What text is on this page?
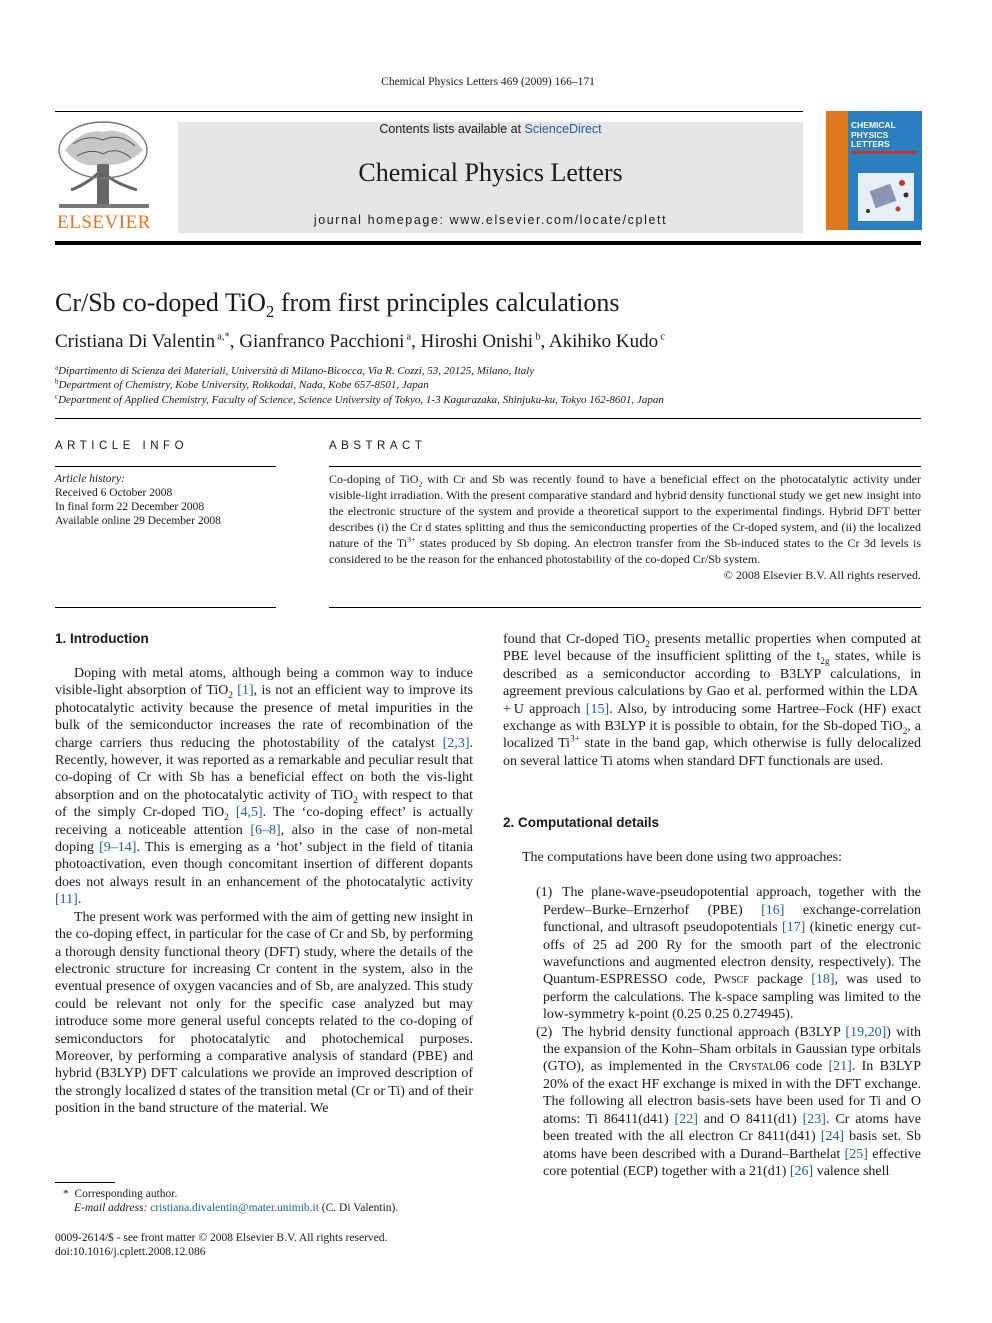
Chemical Physics Letters 469 (2009) 166–171
ELSEVIER
Contents lists available at ScienceDirect
Chemical Physics Letters
journal homepage: www.elsevier.com/locate/cplett
CHEMICAL
PHYSICS
LETTERS
Cr/Sb co-doped TiO$_2$ from first principles calculations
Cristiana Di Valentin  $^{a,*}$, Gianfranco Pacchioni  $^a$, Hiroshi Onishi  $^b$, Akihiko Kudo  $^c$
$^a$Dipartimento di Scienza dei Materiali, Università di Milano-Bicocca, Via R. Cozzi, 53, 20125, Milano, Italy
$^b$Department of Chemistry, Kobe University, Rokkodai, Nada, Kobe 657-8501, Japan
$^c$Department of Applied Chemistry, Faculty of Science, Science University of Tokyo, 1-3 Kagurazaka, Shinjuku-ku, Tokyo 162-8601, Japan
ARTICLE INFO
Article history:
Received 6 October 2008
In final form 22 December 2008
Available online 29 December 2008
ABSTRACT

Co-doping of TiO$_2$ with Cr and Sb was recently found to have a beneficial effect on the photocatalytic activity under visible-light irradiation. With the present comparative standard and hybrid density functional study we get new insight into the electronic structure of the system and provide a theoretical support to the experimental findings. Hybrid DFT better describes (i) the Cr d states splitting and thus the semiconducting properties of the Cr-doped system, and (ii) the localized nature of the $Ti^{3+}$ states produced by Sb doping. An electron transfer from the Sb-induced states to the Cr 3d levels is considered to be the reason for the enhanced photostability of the co-doped Cr/Sb system.

© 2008 Elsevier B.V. All rights reserved.

1. Introduction

Doping with metal atoms, although being a common way to induce visible-light absorption of TiO$_2$ [1], is not an efficient way to improve its photocatalytic activity because the presence of metal impurities in the bulk of the semiconductor increases the rate of recombination of the charge carriers thus reducing the photostability of the catalyst [2,3]. Recently, however, it was reported as a remarkable and peculiar result that co-doping of Cr with Sb has a beneficial effect on both the vis-light absorption and on the photocatalytic activity of TiO$_2$ with respect to that of the simply Cr-doped TiO$_2$ [4,5]. The ‘co-doping effect’ is actually receiving a noticeable attention [6–8], also in the case of non-metal doping [9–14]. This is emerging as a ‘hot’ subject in the field of titania photoactivation, even though concomitant insertion of different dopants does not always result in an enhancement of the photocatalytic activity [11].

The present work was performed with the aim of getting new insight in the co-doping effect, in particular for the case of Cr and Sb, by performing a thorough density functional theory (DFT) study, where the details of the electronic structure for increasing Cr content in the system, also in the eventual presence of oxygen vacancies and of Sb, are analyzed. This study could be relevant not only for the specific case analyzed but may introduce some more general useful concepts related to the co-doping of semiconductors for photocatalytic and photochemical purposes. Moreover, by performing a comparative analysis of standard (PBE) and hybrid (B3LYP) DFT calculations we provide an improved description of the strongly localized d states of the transition metal (Cr or Ti) and of their position in the band structure of the material. We

* Corresponding author.
E-mail address: cristiana.divalentin@mater.unimib.it (C. Di Valentin).
0009-2614/$ - see front matter © 2008 Elsevier B.V. All rights reserved.
doi:10.1016/j.cplett.2008.12.086

found that Cr-doped TiO$_2$ presents metallic properties when computed at PBE level because of the insufficient splitting of the $t_{2g}$ states, while is described as a semiconductor according to B3LYP calculations, in agreement previous calculations by Gao et al. performed within the LDA + U approach [15]. Also, by introducing some Hartree–Fock (HF) exact exchange as with B3LYP it is possible to obtain, for the Sb-doped TiO$_2$, a localized $Ti^{3+}$ state in the band gap, which otherwise is fully delocalized on several lattice Ti atoms when standard DFT functionals are used.

2. Computational details

The computations have been done using two approaches:

(1) The plane-wave-pseudopotential approach, together with the Perdew–Burke–Ernzerhof (PBE) [16] exchange-correlation functional, and ultrasoft pseudopotentials [17] (kinetic energy cut-offs of 25 ad 200 Ry for the smooth part of the electronic wavefunctions and augmented electron density, respectively). The Quantum-ESPRESSO code, Pwscf package [18], was used to perform the calculations. The k-space sampling was limited to the low-symmetry k-point (0.25 0.25 0.274945).

(2) The hybrid density functional approach (B3LYP [19,20]) with the expansion of the Kohn–Sham orbitals in Gaussian type orbitals (GTO), as implemented in the Crystal06 code [21]. In B3LYP 20% of the exact HF exchange is mixed in with the DFT exchange. The following all electron basis-sets have been used for Ti and O atoms: Ti 86411(d41) [22] and O 8411(d1) [23]. Cr atoms have been treated with the all electron Cr 8411(d41) [24] basis set. Sb atoms have been described with a Durand–Barthelat [25] effective core potential (ECP) together with a 21(d1) [26] valence shell
